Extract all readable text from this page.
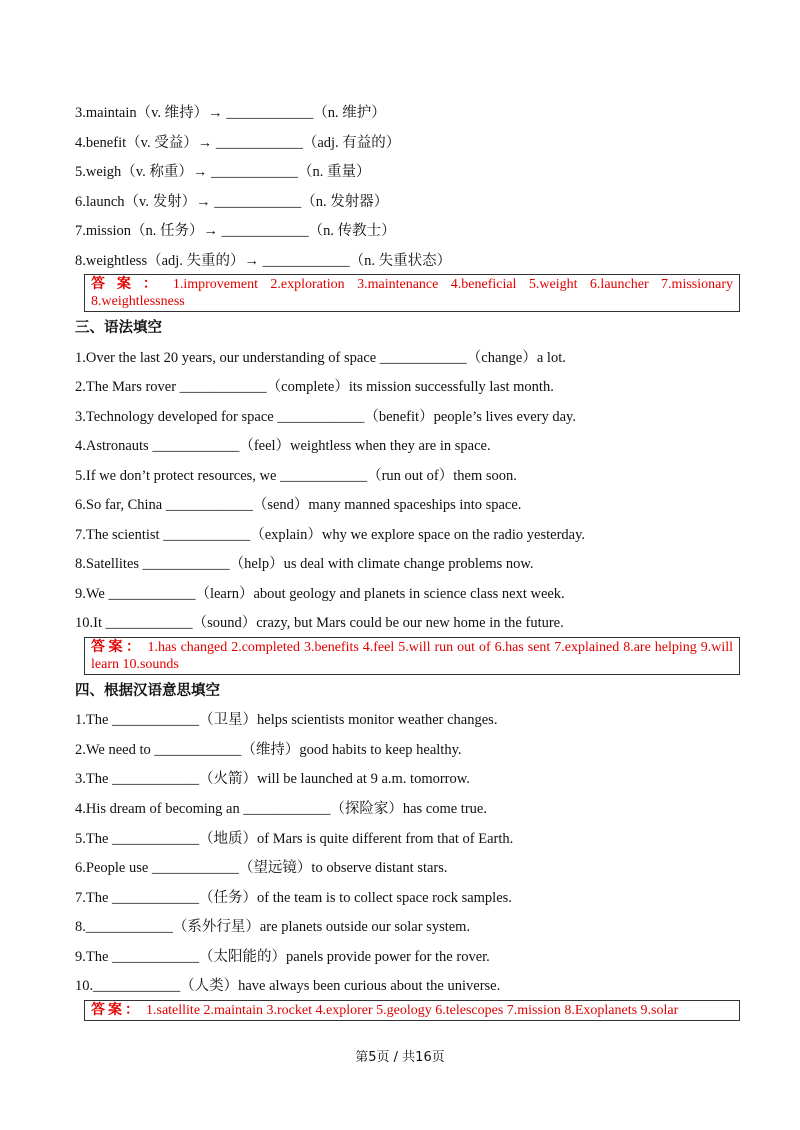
3.maintain（v. 维持）→ ____________（n. 维护）
4.benefit（v. 受益）→ ____________（adj. 有益的）
5.weigh（v. 称重）→ ____________（n. 重量）
6.launch（v. 发射）→ ____________（n. 发射器）
7.mission（n. 任务）→ ____________（n. 传教士）
8.weightless（adj. 失重的）→ ____________（n. 失重状态）
答案： 1.improvement 2.exploration 3.maintenance 4.beneficial 5.weight 6.launcher 7.missionary 8.weightlessness
三、语法填空
1.Over the last 20 years, our understanding of space ____________（change）a lot.
2.The Mars rover ____________（complete）its mission successfully last month.
3.Technology developed for space ____________（benefit）people’s lives every day.
4.Astronauts ____________（feel）weightless when they are in space.
5.If we don’t protect resources, we ____________（run out of）them soon.
6.So far, China ____________（send）many manned spaceships into space.
7.The scientist ____________（explain）why we explore space on the radio yesterday.
8.Satellites ____________（help）us deal with climate change problems now.
9.We ____________（learn）about geology and planets in science class next week.
10.It ____________（sound）crazy, but Mars could be our new home in the future.
答案： 1.has changed 2.completed 3.benefits 4.feel 5.will run out of 6.has sent 7.explained 8.are helping 9.will learn 10.sounds
四、根据汉语意思填空
1.The ____________（卫星）helps scientists monitor weather changes.
2.We need to ____________（维持）good habits to keep healthy.
3.The ____________（火箭）will be launched at 9 a.m. tomorrow.
4.His dream of becoming an ____________（探险家）has come true.
5.The ____________（地质）of Mars is quite different from that of Earth.
6.People use ____________（望远镜）to observe distant stars.
7.The ____________（任务）of the team is to collect space rock samples.
8.____________（系外行星）are planets outside our solar system.
9.The ____________（太阳能的）panels provide power for the rover.
10.____________（人类）have always been curious about the universe.
答案： 1.satellite 2.maintain 3.rocket 4.explorer 5.geology 6.telescopes 7.mission 8.Exoplanets 9.solar
第5页 / 共16页
